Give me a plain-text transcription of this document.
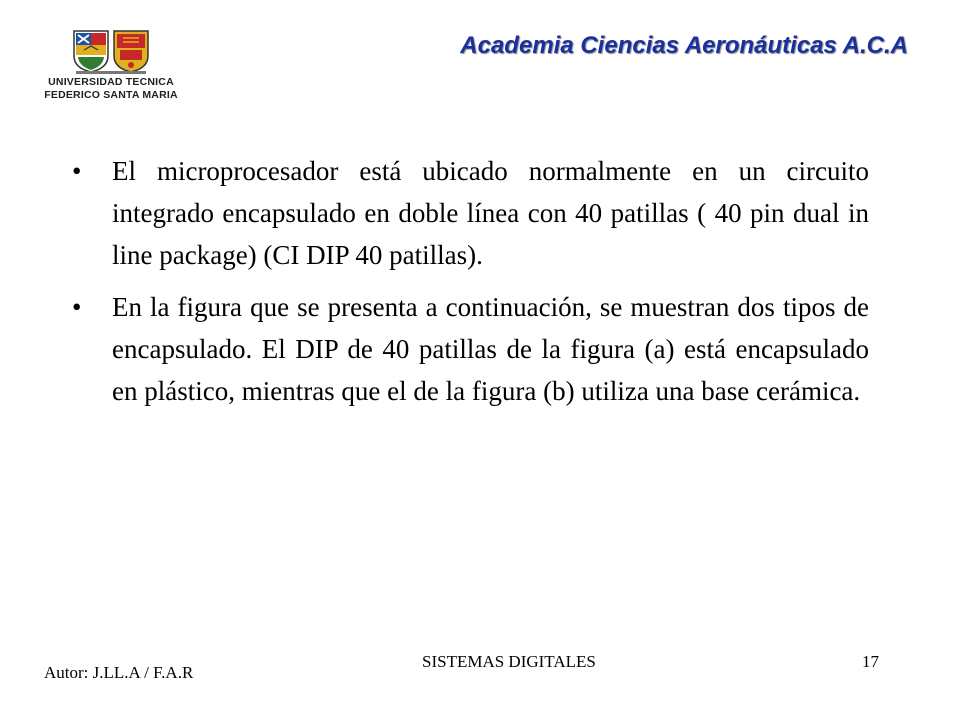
UNIVERSIDAD TECNICA
FEDERICO SANTA MARIA
Academia Ciencias Aeronáuticas A.C.A
• El microprocesador está ubicado normalmente en un circuito integrado encapsulado en doble línea con 40 patillas ( 40 pin dual in line package) (CI DIP 40 patillas).
• En la figura que se presenta a continuación, se muestran dos tipos de encapsulado. El DIP de 40 patillas de la figura (a) está encapsulado en plástico, mientras que el de la figura (b) utiliza una base cerámica.
Autor: J.LL.A / F.A.R
SISTEMAS DIGITALES	17
